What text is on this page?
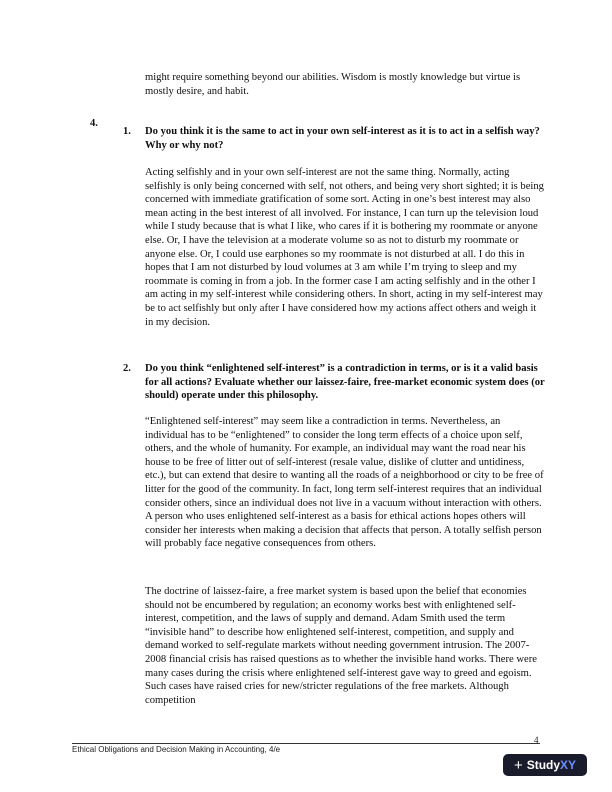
might require something beyond our abilities. Wisdom is mostly knowledge but virtue is mostly desire, and habit.

4.
1. Do you think it is the same to act in your own self-interest as it is to act in a selfish way? Why or why not?

Acting selfishly and in your own self-interest are not the same thing. Normally, acting selfishly is only being concerned with self, not others, and being very short sighted; it is being concerned with immediate gratification of some sort. Acting in one’s best interest may also mean acting in the best interest of all involved. For instance, I can turn up the television loud while I study because that is what I like, who cares if it is bothering my roommate or anyone else. Or, I have the television at a moderate volume so as not to disturb my roommate or anyone else. Or, I could use earphones so my roommate is not disturbed at all. I do this in hopes that I am not disturbed by loud volumes at 3 am while I’m trying to sleep and my roommate is coming in from a job. In the former case I am acting selfishly and in the other I am acting in my self-interest while considering others. In short, acting in my self-interest may be to act selfishly but only after I have considered how my actions affect others and weigh it in my decision.

2. Do you think “enlightened self-interest” is a contradiction in terms, or is it a valid basis for all actions? Evaluate whether our laissez-faire, free-market economic system does (or should) operate under this philosophy.

“Enlightened self-interest” may seem like a contradiction in terms. Nevertheless, an individual has to be “enlightened” to consider the long term effects of a choice upon self, others, and the whole of humanity. For example, an individual may want the road near his house to be free of litter out of self-interest (resale value, dislike of clutter and untidiness, etc.), but can extend that desire to wanting all the roads of a neighborhood or city to be free of litter for the good of the community. In fact, long term self-interest requires that an individual consider others, since an individual does not live in a vacuum without interaction with others. A person who uses enlightened self-interest as a basis for ethical actions hopes others will consider her interests when making a decision that affects that person. A totally selfish person will probably face negative consequences from others.

The doctrine of laissez-faire, a free market system is based upon the belief that economies should not be encumbered by regulation; an economy works best with enlightened self-interest, competition, and the laws of supply and demand. Adam Smith used the term “invisible hand” to describe how enlightened self-interest, competition, and supply and demand worked to self-regulate markets without needing government intrusion. The 2007-2008 financial crisis has raised questions as to whether the invisible hand works. There were many cases during the crisis where enlightened self-interest gave way to greed and egoism. Such cases have raised cries for new/stricter regulations of the free markets. Although competition

4
Ethical Obligations and Decision Making in Accounting, 4/e
+ Study XY
